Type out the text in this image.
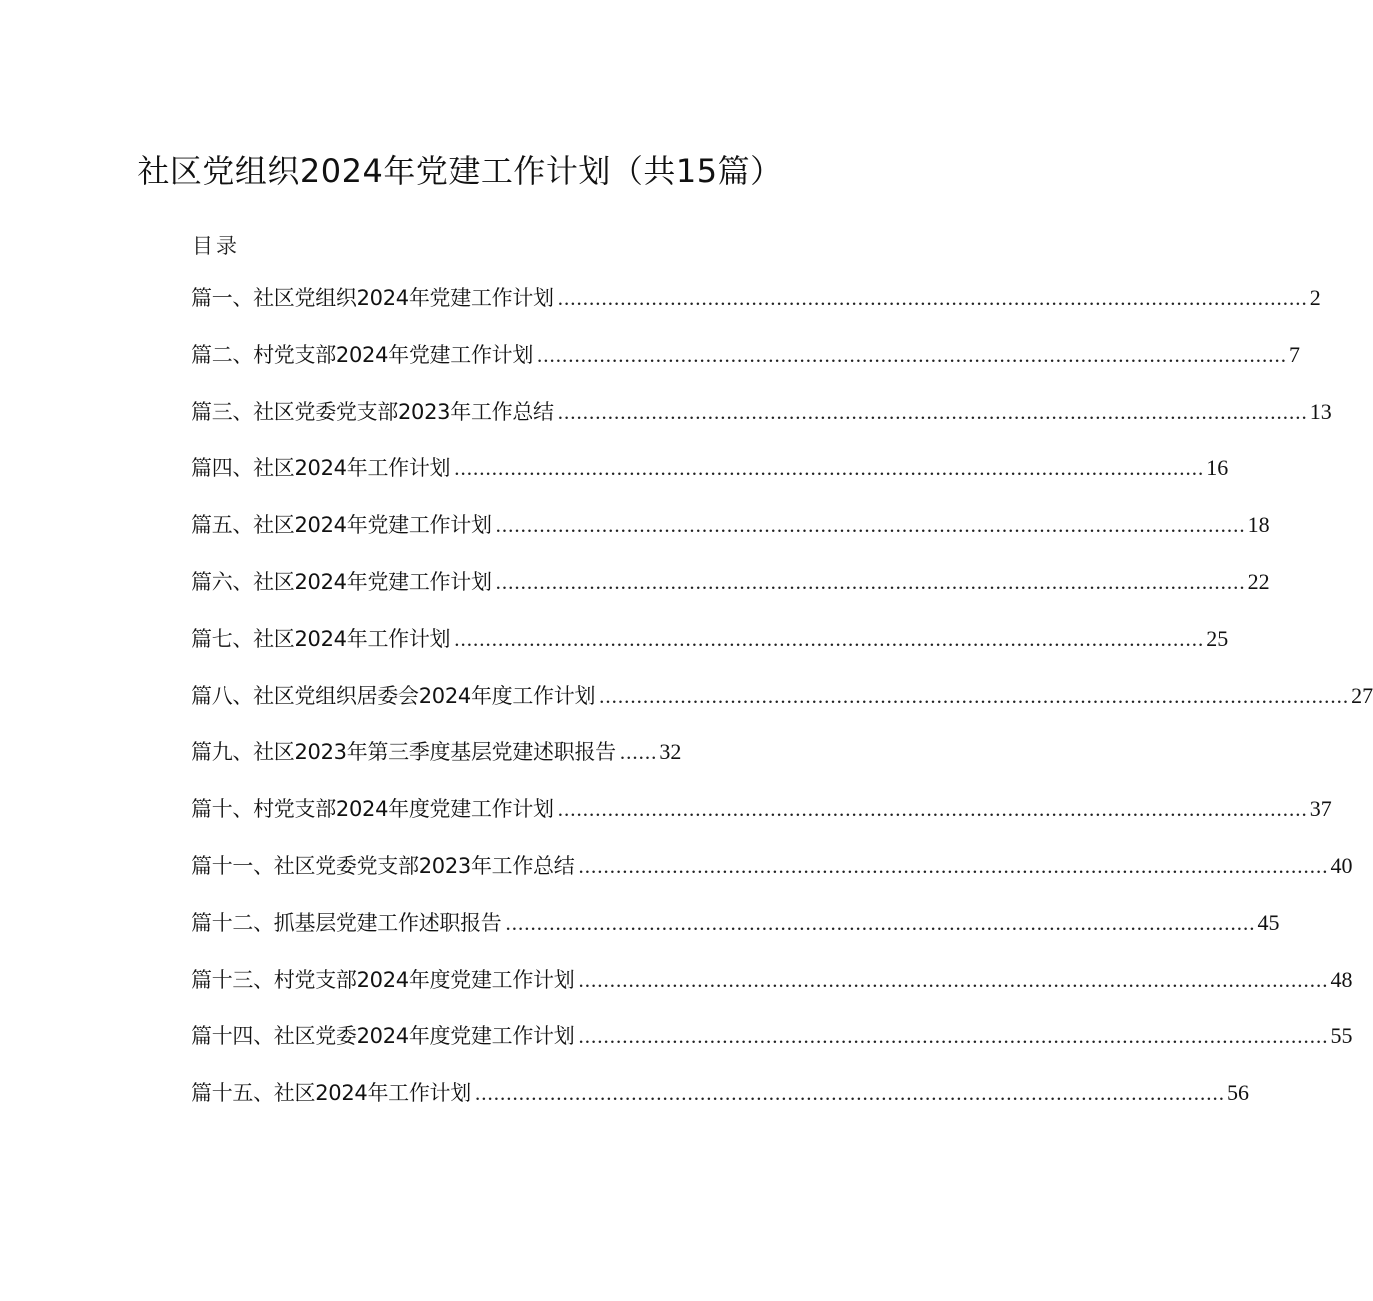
社区党组织2024年党建工作计划（共15篇）
目录
篇一、社区党组织2024年党建工作计划 ........................................................................................................................ 2
篇二、村党支部2024年党建工作计划 ........................................................................................................................ 7
篇三、社区党委党支部2023年工作总结 ........................................................................................................................ 13
篇四、社区2024年工作计划 ........................................................................................................................ 16
篇五、社区2024年党建工作计划 ........................................................................................................................ 18
篇六、社区2024年党建工作计划 ........................................................................................................................ 22
篇七、社区2024年工作计划 ........................................................................................................................ 25
篇八、社区党组织居委会2024年度工作计划 ........................................................................................................................ 27
篇九、社区2023年第三季度基层党建述职报告 ...... 32
篇十、村党支部2024年度党建工作计划 ........................................................................................................................ 37
篇十一、社区党委党支部2023年工作总结 ........................................................................................................................ 40
篇十二、抓基层党建工作述职报告 ........................................................................................................................ 45
篇十三、村党支部2024年度党建工作计划 ........................................................................................................................ 48
篇十四、社区党委2024年度党建工作计划 ........................................................................................................................ 55
篇十五、社区2024年工作计划 ........................................................................................................................ 56
